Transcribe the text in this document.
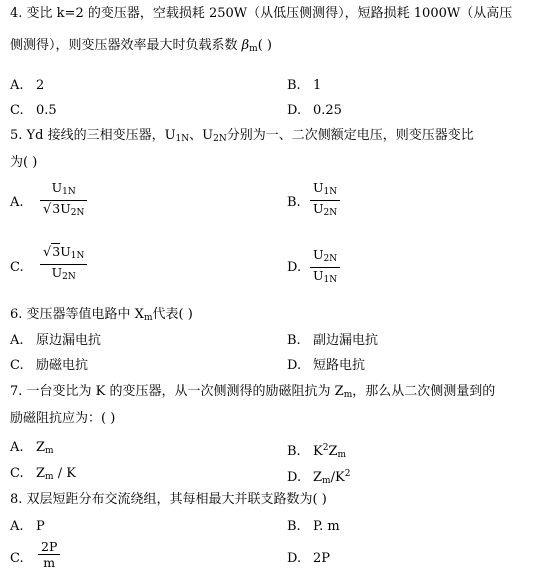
4. 变比 k=2 的变压器，空载损耗 250W（从低压侧测得），短路损耗 1000W（从高压
侧测得），则变压器效率最大时负载系数 $\beta_m$( )
A. 2	B. 1
C. 0.5	D. 0.25
5. Yd 接线的三相变压器，$U_{1N}$、$U_{2N}$分别为一、二次侧额定电压，则变压器变比
为( )
A.
$U_{1N}$
$√3U_{2N}$
B.
$U_{1N}$
$U_{2N}$
C.
$√3U_{1N}$
$U_{2N}$
D.
$U_{2N}$
$U_{1N}$
6. 变压器等值电路中 $X_m$代表( )
A. 原边漏电抗	B. 副边漏电抗
C. 励磁电抗	D. 短路电抗
7. 一台变比为 K 的变压器，从一次侧测得的励磁阻抗为 $Z_m$，那么从二次侧测量到的
励磁阻抗应为：( )
A. $Z_m$	B. $K^2Z_m$
C. $Z_m$ / K	D. $Z_m/K^2$
8. 双层短距分布交流绕组，其每相最大并联支路数为( )
A. P	B. P. m
C.
2P
m	D. 2P
